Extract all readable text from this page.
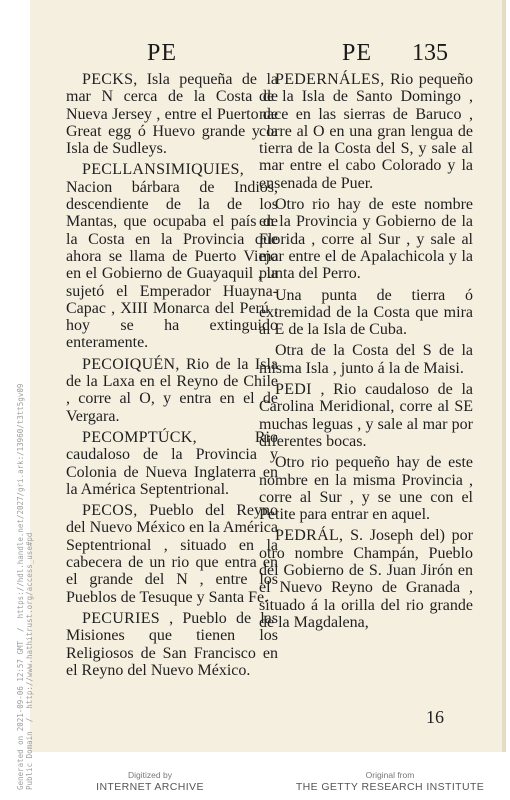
PE	PE 135

PECKS, Isla pequeña de la mar N cerca de la Costa de Nueva Jersey , entre el Puerto de Great egg ó Huevo grande y la Isla de Sudleys.

PECLLANSIMIQUIES, Nacion bárbara de Indios, descendiente de la de los Mantas, que ocupaba el país de la Costa en la Provincia que ahora se llama de Puerto Viejo en el Gobierno de Guayaquil , la sujetó el Emperador Huayna-Capac , XIII Monarca del Perú , hoy se ha extinguido enteramente.

PECOIQUÉN, Rio de la Isla de la Laxa en el Reyno de Chile , corre al O, y entra en el de Vergara.

PECOMPTÚCK, Rio caudaloso de la Provincia y Colonia de Nueva Inglaterra en la América Septentrional.

PECOS, Pueblo del Reyno del Nuevo México en la América Septentrional , situado en la cabecera de un rio que entra en el grande del N , entre los Pueblos de Tesuque y Santa Fe.

PECURIES , Pueblo de las Misiones que tienen los Religiosos de San Francisco en el Reyno del Nuevo México.

PEDERNÁLES, Rio pequeño de la Isla de Santo Domingo , nace en las sierras de Baruco , corre al O en una gran lengua de tierra de la Costa del S, y sale al mar entre el cabo Colorado y la ensenada de Puer.

Otro rio hay de este nombre en la Provincia y Gobierno de la Florida , corre al Sur , y sale al mar entre el de Apalachicola y la punta del Perro.

Una punta de tierra ó extremidad de la Costa que mira al E de la Isla de Cuba.

Otra de la Costa del S de la misma Isla , junto á la de Maisi.

PEDI , Rio caudaloso de la Carolina Meridional, corre al SE muchas leguas , y sale al mar por diferentes bocas.

Otro rio pequeño hay de este nombre en la misma Provincia , corre al Sur , y se une con el Petite para entrar en aquel.

PEDRÁL, S. Joseph del) por otro nombre Champán, Pueblo del Gobierno de S. Juan Jirón en el Nuevo Reyno de Granada , situado á la orilla del rio grande de la Magdalena,

16
Generated on 2021-09-06 12:57 GMT  /  https://hdl.handle.net/2027/gri.ark:/13960/t3tt5gv09
Public Domain  /  http://www.hathitrust.org/access_use#pd	Digitized by
INTERNET ARCHIVE
Original from
THE GETTY RESEARCH INSTITUTE
